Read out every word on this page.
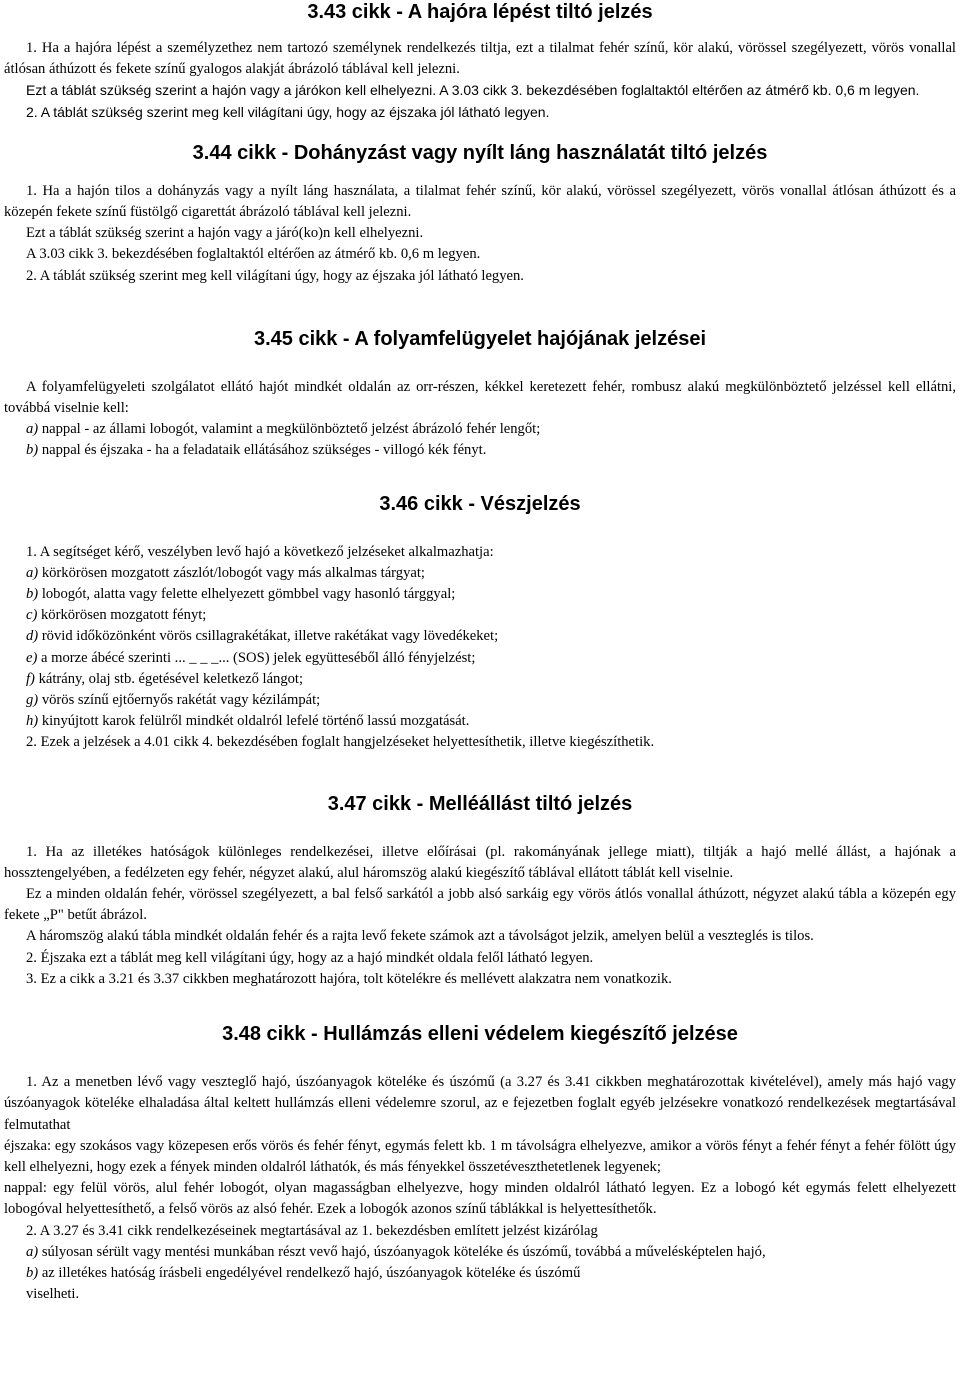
3.43 cikk - A hajóra lépést tiltó jelzés

1. Ha a hajóra lépést a személyzethez nem tartozó személynek rendelkezés tiltja, ezt a tilalmat fehér színű, kör alakú, vörössel szegélyezett, vörös vonallal átlósan áthúzott és fekete színű gyalogos alakját ábrázoló táblával kell jelezni.

Ezt a táblát szükség szerint a hajón vagy a járókon kell elhelyezni. A 3.03 cikk 3. bekezdésében foglaltaktól eltérően az átmérő kb. 0,6 m legyen.

2. A táblát szükség szerint meg kell világítani úgy, hogy az éjszaka jól látható legyen.

3.44 cikk - Dohányzást vagy nyílt láng használatát tiltó jelzés

1. Ha a hajón tilos a dohányzás vagy a nyílt láng használata, a tilalmat fehér színű, kör alakú, vörössel szegélyezett, vörös vonallal átlósan áthúzott és a közepén fekete színű füstölgő cigarettát ábrázoló táblával kell jelezni.

Ezt a táblát szükség szerint a hajón vagy a járó(ko)n kell elhelyezni.

A 3.03 cikk 3. bekezdésében foglaltaktól eltérően az átmérő kb. 0,6 m legyen.

2. A táblát szükség szerint meg kell világítani úgy, hogy az éjszaka jól látható legyen.

3.45 cikk - A folyamfelügyelet hajójának jelzései

A folyamfelügyeleti szolgálatot ellátó hajót mindkét oldalán az orr-részen, kékkel keretezett fehér, rombusz alakú megkülönböztető jelzéssel kell ellátni, továbbá viselnie kell:

a) nappal - az állami lobogót, valamint a megkülönböztető jelzést ábrázoló fehér lengőt;

b) nappal és éjszaka - ha a feladataik ellátásához szükséges - villogó kék fényt.

3.46 cikk - Vészjelzés

1. A segítséget kérő, veszélyben levő hajó a következő jelzéseket alkalmazhatja:

a) körkörösen mozgatott zászlót/lobogót vagy más alkalmas tárgyat;

b) lobogót, alatta vagy felette elhelyezett gömbbel vagy hasonló tárggyal;

c) körkörösen mozgatott fényt;

d) rövid időközönként vörös csillagrakétákat, illetve rakétákat vagy lövedékeket;

e) a morze ábécé szerinti ... _ _ _... (SOS) jelek együtteséből álló fényjelzést;

f) kátrány, olaj stb. égetésével keletkező lángot;

g) vörös színű ejtőernyős rakétát vagy kézilámpát;

h) kinyújtott karok felülről mindkét oldalról lefelé történő lassú mozgatását.

2. Ezek a jelzések a 4.01 cikk 4. bekezdésében foglalt hangjelzéseket helyettesíthetik, illetve kiegészíthetik.

3.47 cikk - Melléállást tiltó jelzés

1. Ha az illetékes hatóságok különleges rendelkezései, illetve előírásai (pl. rakományának jellege miatt), tiltják a hajó mellé állást, a hajónak a hossztengelyében, a fedélzeten egy fehér, négyzet alakú, alul háromszög alakú kiegészítő táblával ellátott táblát kell viselnie.

Ez a minden oldalán fehér, vörössel szegélyezett, a bal felső sarkától a jobb alsó sarkáig egy vörös átlós vonallal áthúzott, négyzet alakú tábla a közepén egy fekete „P" betűt ábrázol.

A háromszög alakú tábla mindkét oldalán fehér és a rajta levő fekete számok azt a távolságot jelzik, amelyen belül a veszteglés is tilos.

2. Éjszaka ezt a táblát meg kell világítani úgy, hogy az a hajó mindkét oldala felől látható legyen.

3. Ez a cikk a 3.21 és 3.37 cikkben meghatározott hajóra, tolt kötelékre és mellévett alakzatra nem vonatkozik.

3.48 cikk - Hullámzás elleni védelem kiegészítő jelzése

1. Az a menetben lévő vagy veszteglő hajó, úszóanyagok köteléke és úszómű (a 3.27 és 3.41 cikkben meghatározottak kivételével), amely más hajó vagy úszóanyagok köteléke elhaladása által keltett hullámzás elleni védelemre szorul, az e fejezetben foglalt egyéb jelzésekre vonatkozó rendelkezések megtartásával felmutathat

éjszaka: egy szokásos vagy közepesen erős vörös és fehér fényt, egymás felett kb. 1 m távolságra elhelyezve, amikor a vörös fényt a fehér fényt a fehér fölött úgy kell elhelyezni, hogy ezek a fények minden oldalról láthatók, és más fényekkel összetéveszthetetlenek legyenek;

nappal: egy felül vörös, alul fehér lobogót, olyan magasságban elhelyezve, hogy minden oldalról látható legyen. Ez a lobogó két egymás felett elhelyezett lobogóval helyettesíthető, a felső vörös az alsó fehér. Ezek a lobogók azonos színű táblákkal is helyettesíthetők.

2. A 3.27 és 3.41 cikk rendelkezéseinek megtartásával az 1. bekezdésben említett jelzést kizárólag

a) súlyosan sérült vagy mentési munkában részt vevő hajó, úszóanyagok köteléke és úszómű, továbbá a művelésképtelen hajó,

b) az illetékes hatóság írásbeli engedélyével rendelkező hajó, úszóanyagok köteléke és úszómű

viselheti.
